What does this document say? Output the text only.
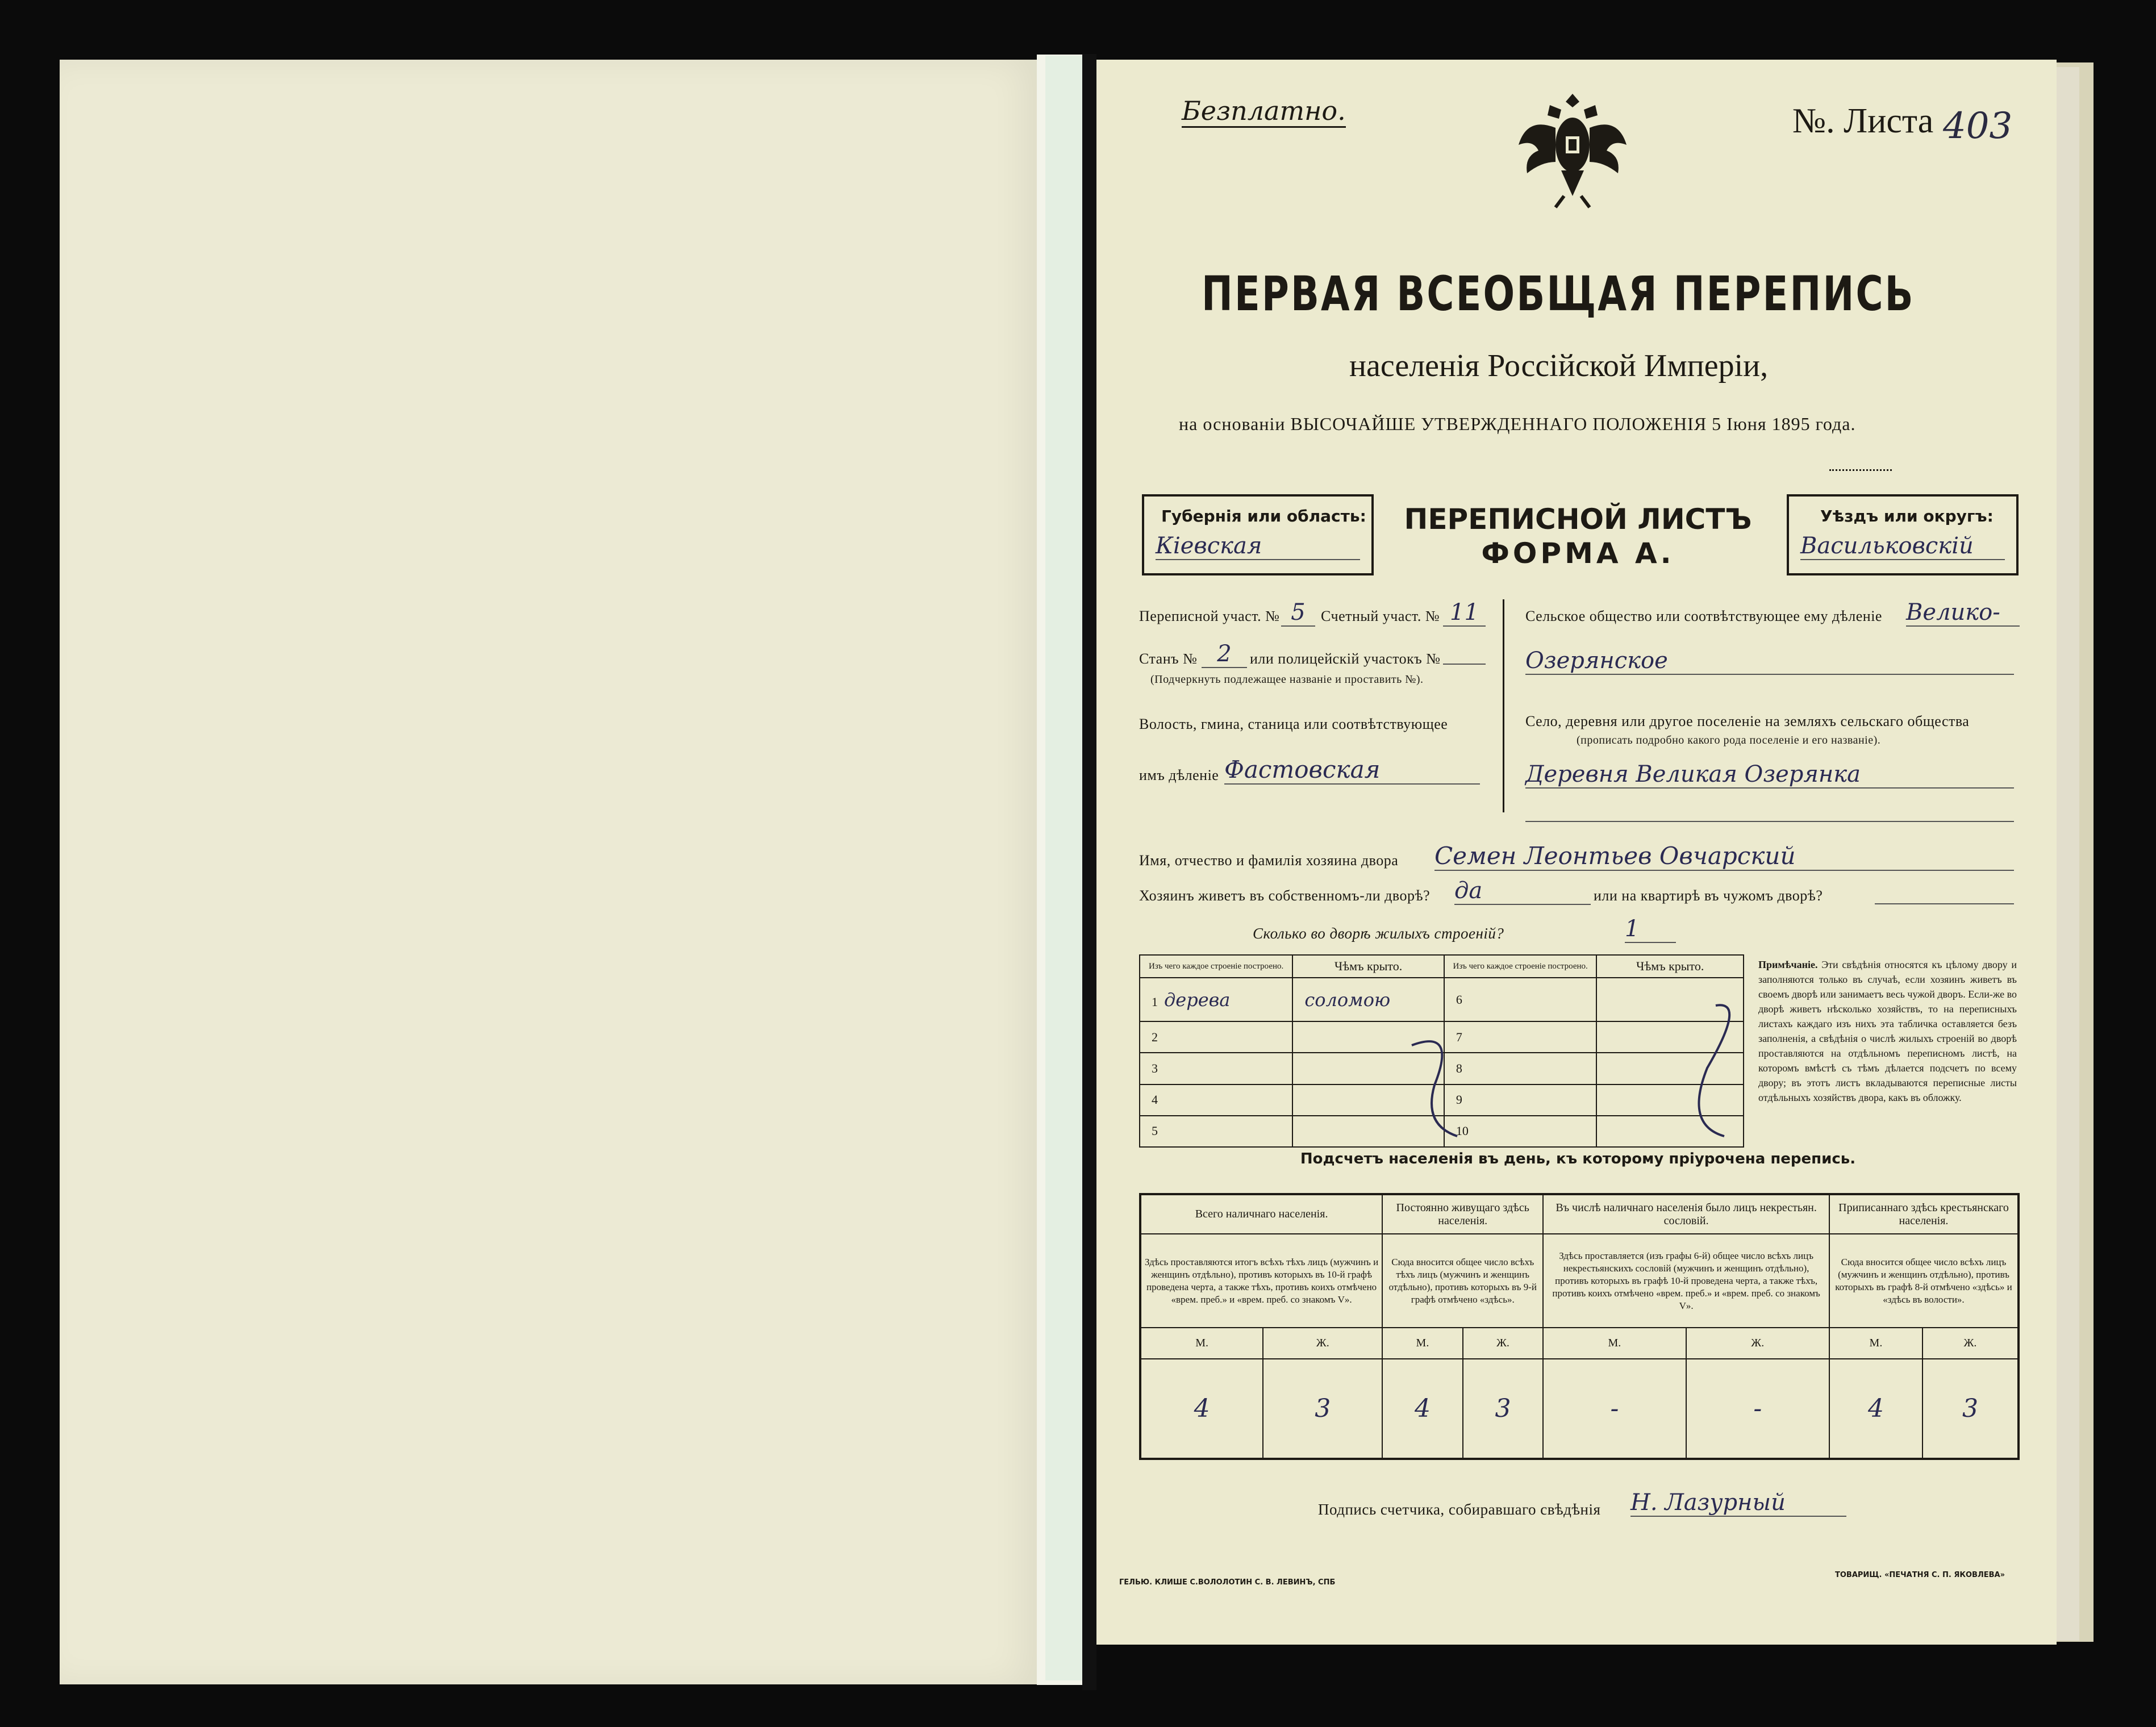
Безплатно.	№. Листа 403
ПЕРВАЯ ВСЕОБЩАЯ ПЕРЕПИСЬ
населенія Россійской Имперіи,
на основаніи ВЫСОЧАЙШЕ УТВЕРЖДЕННАГО ПОЛОЖЕНІЯ 5 Іюня 1895 года.
Губернія или область:
Кіевская
ПЕРЕПИСНОЙ ЛИСТЪ
ФОРМА А.
Уѣздъ или округъ:
Васильковскій
Переписной участ. № 5	Счетный участ. № 11
Станъ № 2	или полицейскій участокъ №
(Подчеркнуть подлежащее названіе и проставить №).
Волость, гмина, станица или соотвѣтствующее
имъ дѣленіе Фастовская
Сельское общество или соотвѣтствующее ему дѣленіе Велико-
Озерянское
Село, деревня или другое поселеніе на земляхъ сельскаго общества
(прописать подробно какого рода поселеніе и его названіе).
Деревня Великая Озерянка
Имя, отчество и фамилія хозяина двора Семен Леонтьев Овчарский
Хозяинъ живетъ въ собственномъ-ли дворѣ? да	или на квартирѣ въ чужомъ дворѣ?
Сколько во дворѣ жилыхъ строеній?	1
Изъ чего каждое строеніе построено.	Чѣмъ крыто.	Изъ чего каждое строеніе построено.	Чѣмъ крыто.
1 дерева	соломою	6	
2		7	
3		8	
4		9	
5		10	
Примѣчаніе. Эти свѣдѣнія относятся къ цѣлому двору и заполняются только въ случаѣ, если хозяинъ живетъ въ своемъ дворѣ или занимаетъ весь чужой дворъ. Если-же во дворѣ живетъ нѣсколько хозяйствъ, то на переписныхъ листахъ каждаго изъ нихъ эта табличка оставляется безъ заполненія, а свѣдѣнія о числѣ жилыхъ строеній во дворѣ проставляются на отдѣльномъ переписномъ листѣ, на которомъ вмѣстѣ съ тѣмъ дѣлается подсчетъ по всему двору; въ этотъ листъ вкладываются переписные листы отдѣльныхъ хозяйствъ двора, какъ въ обложку.
Подсчетъ населенія въ день, къ которому пріурочена перепись.
Всего наличнаго населенія.		Постоянно живущаго здѣсь населенія.		Въ числѣ наличнаго населенія было лицъ некрестьян. сословій.		Приписаннаго здѣсь крестьянскаго населенія.	
Здѣсь проставляются итогъ всѣхъ тѣхъ лицъ (мужчинъ и женщинъ отдѣльно), противъ которыхъ въ 10-й графѣ проведена черта, а также тѣхъ, противъ коихъ отмѣчено «врем. преб.» и «врем. преб. со знакомъ V».		Сюда вносится общее число всѣхъ тѣхъ лицъ (мужчинъ и женщинъ отдѣльно), противъ которыхъ въ 9-й графѣ отмѣчено «здѣсь».		Здѣсь проставляется (изъ графы 6-й) общее число всѣхъ лицъ некрестьянскихъ сословій (мужчинъ и женщинъ отдѣльно), противъ которыхъ въ графѣ 10-й проведена черта, а также тѣхъ, противъ коихъ отмѣчено «врем. преб.» и «врем. преб. со знакомъ V».		Сюда вносится общее число всѣхъ лицъ (мужчинъ и женщинъ отдѣльно), противъ которыхъ въ графѣ 8-й отмѣчено «здѣсь» и «здѣсь въ волости».	
М.	Ж.	М.	Ж.	М.	Ж.	М.	Ж.
4	3	4	3	-	-	4	3
Подпись счетчика, собиравшаго свѣдѣнія Н. Лазурный
ГЕЛЬЮ. КЛИШЕ С.ВОЛОЛОТИН С. В. ЛЕВИНЪ, СПБ
ТОВАРИЩ. «ПЕЧАТНЯ С. П. ЯКОВЛЕВА»
